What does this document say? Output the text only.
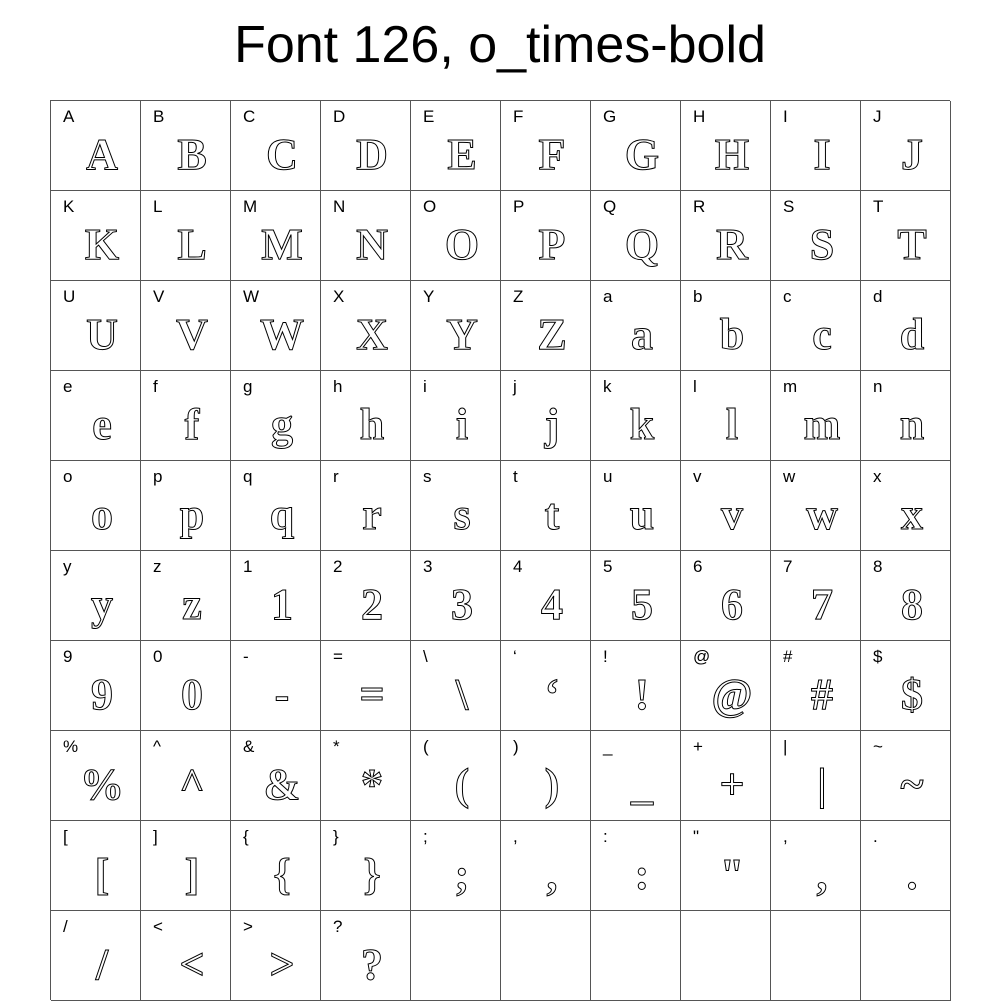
Font 126, o_times-bold
A
A
B
B
C
C
D
D
E
E
F
F
G
G
H
H
I
I
J
J
K
K
L
L
M
M
N
N
O
O
P
P
Q
Q
R
R
S
S
T
T
U
U
V
V
W
W
X
X
Y
Y
Z
Z
a
a
b
b
c
c
d
d
e
e
f
f
g
g
h
h
i
i
j
j
k
k
l
l
m
m
n
n
o
o
p
p
q
q
r
r
s
s
t
t
u
u
v
v
w
w
x
x
y
y
z
z
1
1
2
2
3
3
4
4
5
5
6
6
7
7
8
8
9
9
0
0
-
-
=
=
\
\
‘
‘
!
!
@
@
#
#
$
$
%
%
^
^
&
&
*
*
(
(
)
)
_
_
+
+
|
|
~
~
[
[
]
]
{
{
}
}
;
;
,
,
:
:
"
"
,
,
.
.
/
/
<
<
>
>
?
?
